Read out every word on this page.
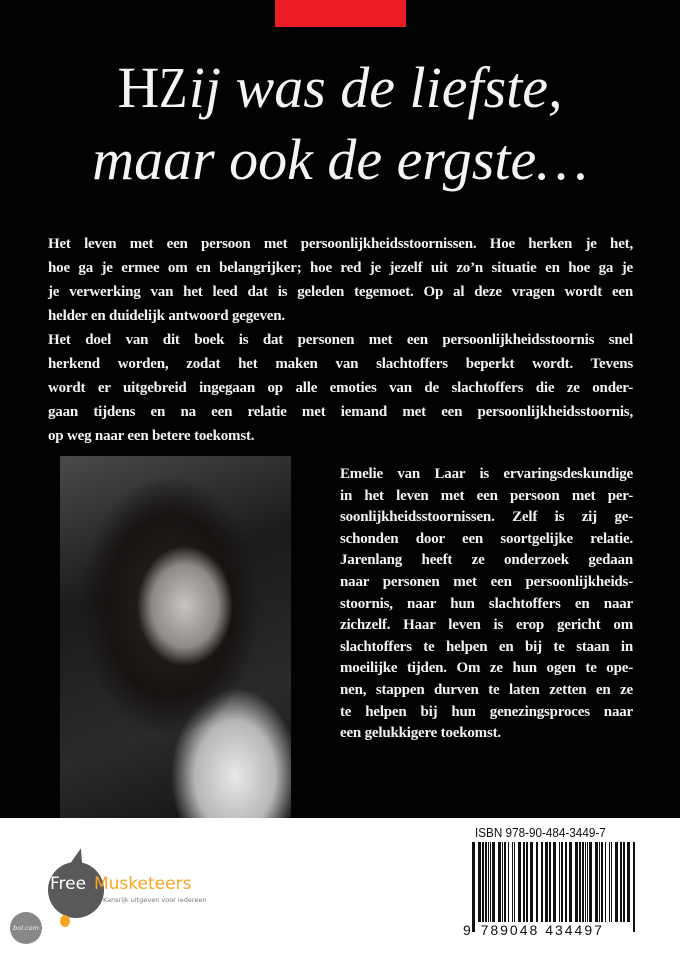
HZij was de liefste,
maar ook de ergste…
Het leven met een persoon met persoonlijkheidsstoornissen. Hoe herken je het,
hoe ga je ermee om en belangrijker; hoe red je jezelf uit zo’n situatie en hoe ga je
je verwerking van het leed dat is geleden tegemoet. Op al deze vragen wordt een
helder en duidelijk antwoord gegeven.
Het doel van dit boek is dat personen met een persoonlijkheidsstoornis snel
herkend worden, zodat het maken van slachtoffers beperkt wordt. Tevens
wordt er uitgebreid ingegaan op alle emoties van de slachtoffers die ze onder-
gaan tijdens en na een relatie met iemand met een persoonlijkheidsstoornis,
op weg naar een betere toekomst.
Emelie van Laar is ervaringsdeskundige
in het leven met een persoon met per-
soonlijkheidsstoornissen. Zelf is zij ge-
schonden door een soortgelijke relatie.
Jarenlang heeft ze onderzoek gedaan
naar personen met een persoonlijkheids-
stoornis, naar hun slachtoffers en naar
zichzelf. Haar leven is erop gericht om
slachtoffers te helpen en bij te staan in
moeilijke tijden. Om ze hun ogen te ope-
nen, stappen durven te laten zetten en ze
te helpen bij hun genezingsproces naar
een gelukkigere toekomst.
Free Musketeers
Kansrijk uitgeven voor iedereen
bol.com
ISBN 978-90-484-3449-7
9 789048 434497
